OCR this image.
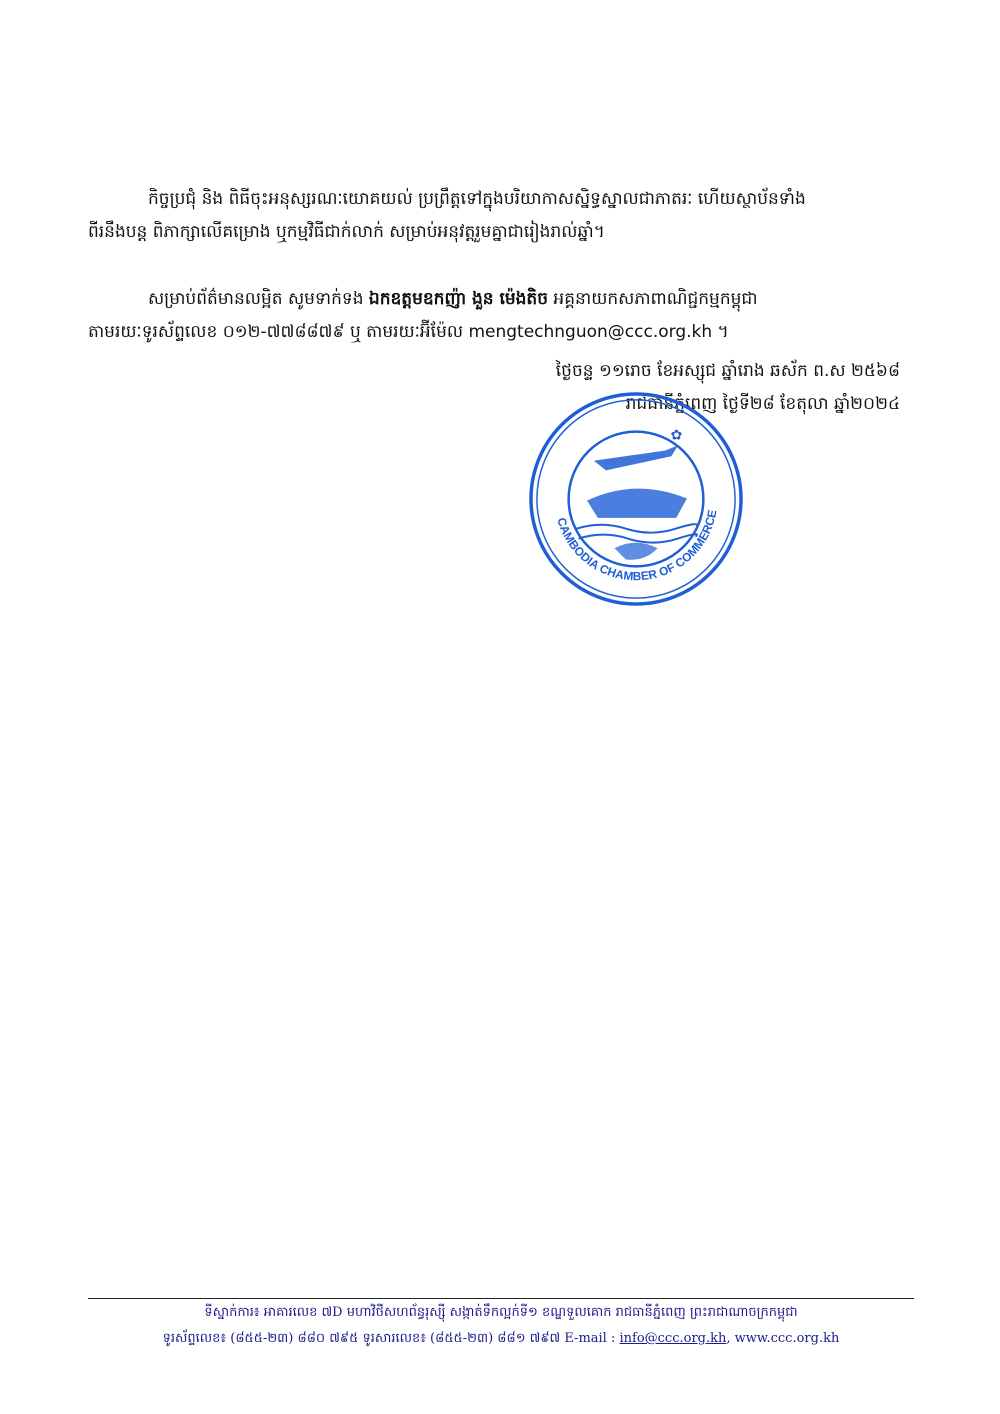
កិច្ចប្រជុំ និង ពិធីចុះអនុស្សរណៈយោគយល់ ប្រព្រឹត្តទៅក្នុងបរិយាកាសស្និទ្ធស្នាលជាភាតរៈ ហើយស្ថាប័នទាំង
ពីរនឹងបន្ត ពិភាក្សាលើគម្រោង ឬកម្មវិធីជាក់លាក់ សម្រាប់អនុវត្តរួមគ្នាជារៀងរាល់ឆ្នាំ។
សម្រាប់ព័ត៌មានលម្អិត សូមទាក់ទង ឯកឧត្តមឧកញ៉ា ងួន ម៉េងតិច អគ្គនាយកសភាពាណិជ្ជកម្មកម្ពុជា
តាមរយៈទូរស័ព្ទលេខ ០១២-៧៧៨៨៧៩ ឬ តាមរយៈអ៊ីម៉ែល mengtechnguon@ccc.org.kh ។
ថ្ងៃចន្ទ ១១រោច ខែអស្សុជ ឆ្នាំរោង ឆស័ក ព.ស ២៥៦៨
រាជធានីភ្នំពេញ ថ្ងៃទី២៨ ខែតុលា ឆ្នាំ២០២៤
CAMBODIA CHAMBER OF COMMERCE
✿
ទីស្នាក់ការ៖ អាគារលេខ ៧D មហាវិថីសហព័ន្ធរុស្ស៊ី សង្កាត់ទឹកល្អក់ទី១ ខណ្ឌទួលគោក រាជធានីភ្នំពេញ ព្រះរាជាណាចក្រកម្ពុជា
ទូរស័ព្ទលេខ៖ (៨៥៥-២៣) ៨៨០ ៧៩៥ ទូរសារលេខ៖ (៨៥៥-២៣) ៨៨១ ៧៩៧ E-mail : info@ccc.org.kh, www.ccc.org.kh
